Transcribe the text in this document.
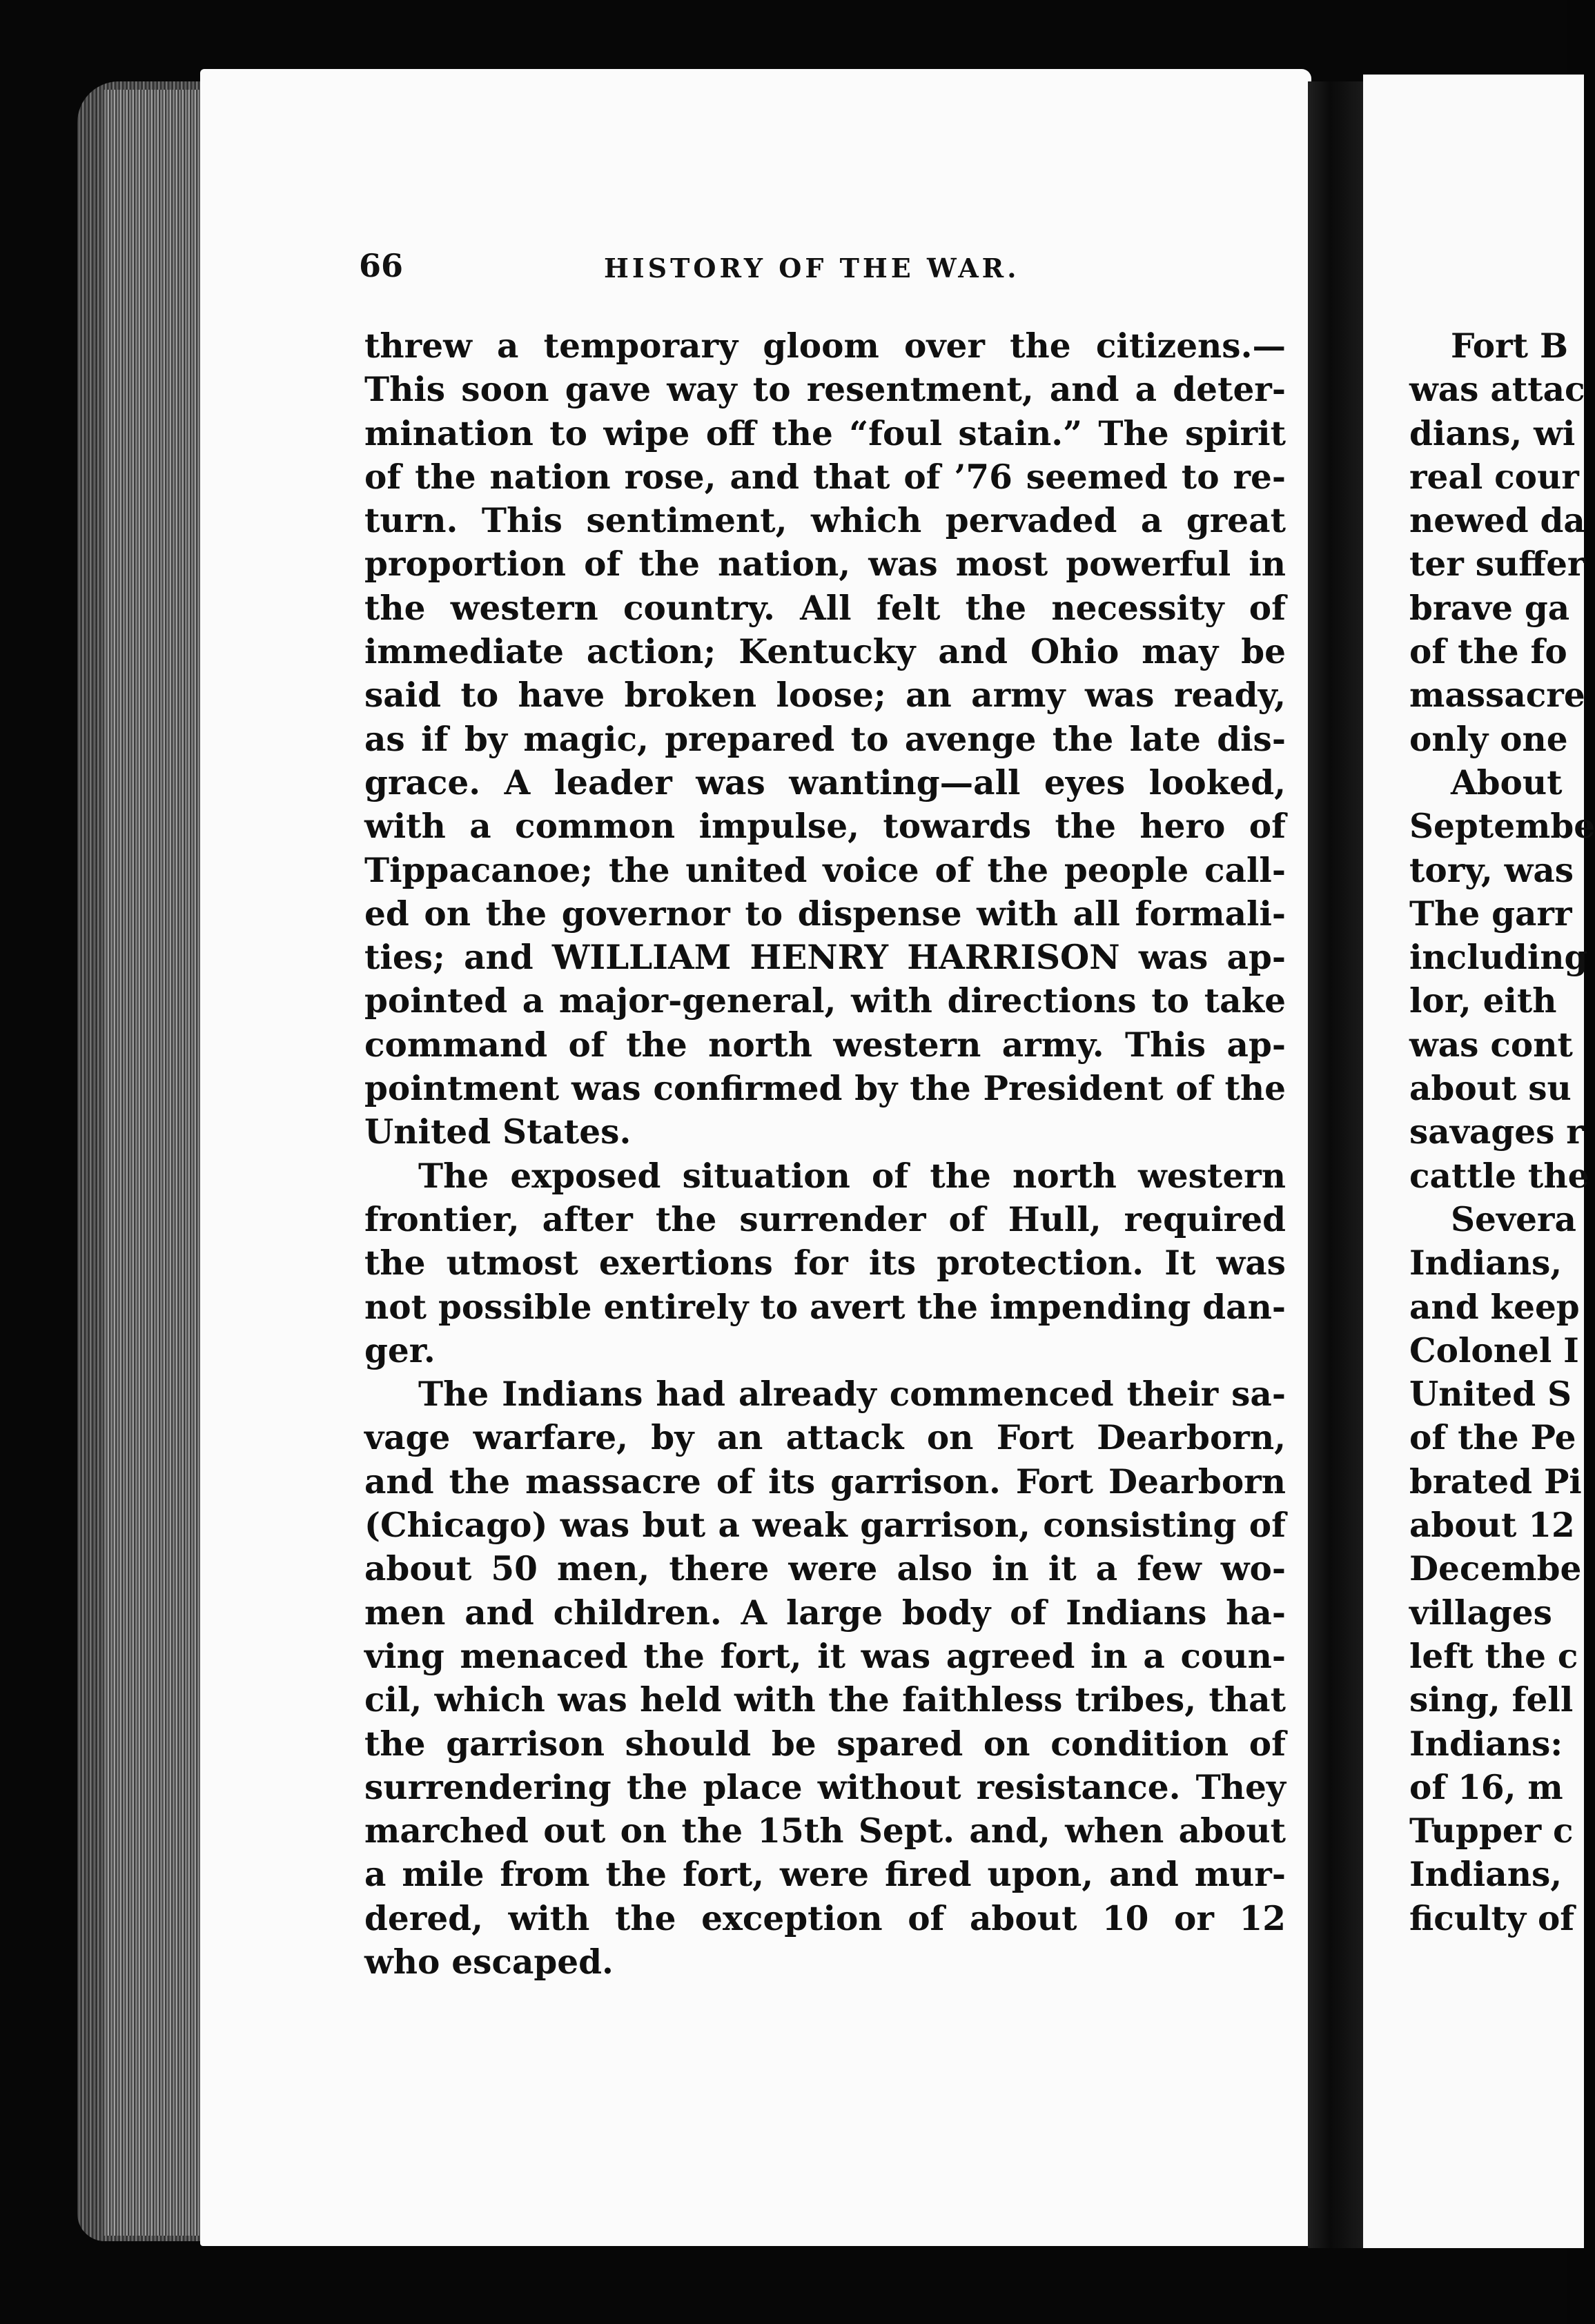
66	HISTORY OF THE WAR.
threw a temporary gloom over the citizens.—
This soon gave way to resentment, and a deter-
mination to wipe off the “foul stain.” The spirit
of the nation rose, and that of ’76 seemed to re-
turn. This sentiment, which pervaded a great
proportion of the nation, was most powerful in
the western country. All felt the necessity of
immediate action; Kentucky and Ohio may be
said to have broken loose; an army was ready,
as if by magic, prepared to avenge the late dis-
grace. A leader was wanting—all eyes looked,
with a common impulse, towards the hero of
Tippacanoe; the united voice of the people call-
ed on the governor to dispense with all formali-
ties; and WILLIAM HENRY HARRISON was ap-
pointed a major-general, with directions to take
command of the north western army. This ap-
pointment was confirmed by the President of the
United States.
The exposed situation of the north western
frontier, after the surrender of Hull, required
the utmost exertions for its protection. It was
not possible entirely to avert the impending dan-
ger.
The Indians had already commenced their sa-
vage warfare, by an attack on Fort Dearborn,
and the massacre of its garrison. Fort Dearborn
(Chicago) was but a weak garrison, consisting of
about 50 men, there were also in it a few wo-
men and children. A large body of Indians ha-
ving menaced the fort, it was agreed in a coun-
cil, which was held with the faithless tribes, that
the garrison should be spared on condition of
surrendering the place without resistance. They
marched out on the 15th Sept. and, when about
a mile from the fort, were fired upon, and mur-
dered, with the exception of about 10 or 12
who escaped.
Fort B
was attac
dians, wi
real cour
newed da
ter suffer
brave ga
of the fo
massacre
only one
About
Septembe
tory, was
The garr
including
lor, eith
was cont
about su
savages r
cattle the
Severa
Indians,
and keep
Colonel I
United S
of the Pe
brated Pi
about 12
Decembe
villages
left the c
sing, fell
Indians:
of 16, m
Tupper c
Indians,
ficulty of
